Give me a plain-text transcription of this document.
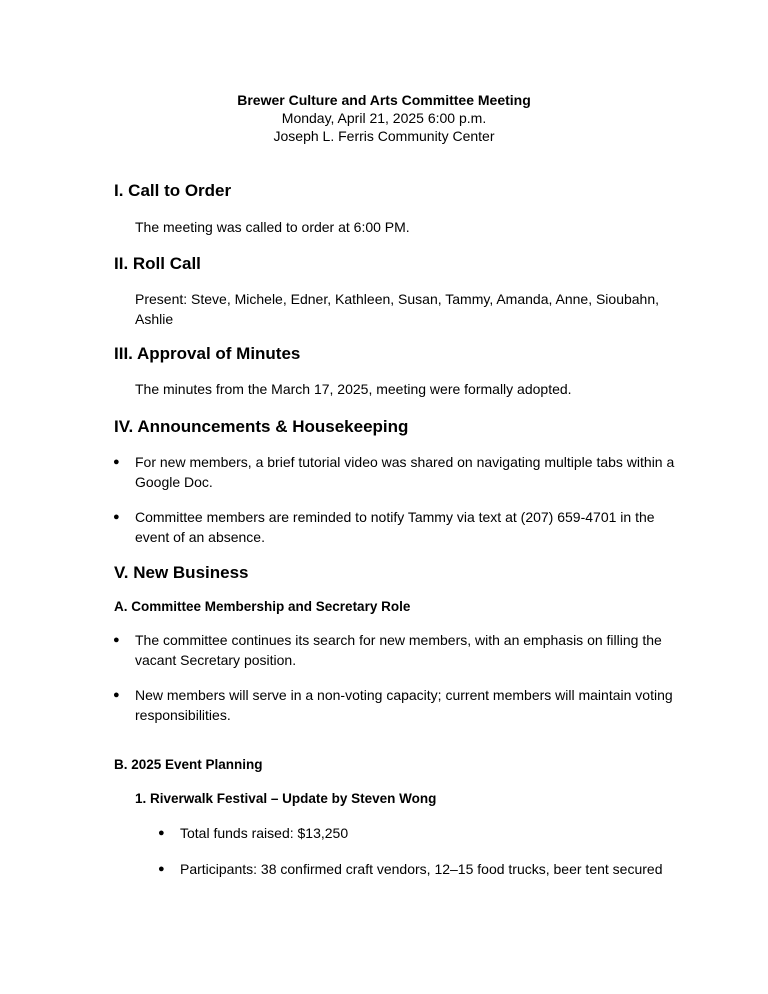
Brewer Culture and Arts Committee Meeting
Monday, April 21, 2025 6:00 p.m.
Joseph L. Ferris Community Center
I. Call to Order
The meeting was called to order at 6:00 PM.
II. Roll Call
Present: Steve, Michele, Edner, Kathleen, Susan, Tammy, Amanda, Anne, Sioubahn, Ashlie
III. Approval of Minutes
The minutes from the March 17, 2025, meeting were formally adopted.
IV. Announcements & Housekeeping
● For new members, a brief tutorial video was shared on navigating multiple tabs within a Google Doc.
● Committee members are reminded to notify Tammy via text at (207) 659-4701 in the event of an absence.
V. New Business
A. Committee Membership and Secretary Role
● The committee continues its search for new members, with an emphasis on filling the vacant Secretary position.
● New members will serve in a non-voting capacity; current members will maintain voting responsibilities.
B. 2025 Event Planning
1. Riverwalk Festival – Update by Steven Wong
● Total funds raised: $13,250
● Participants: 38 confirmed craft vendors, 12–15 food trucks, beer tent secured
